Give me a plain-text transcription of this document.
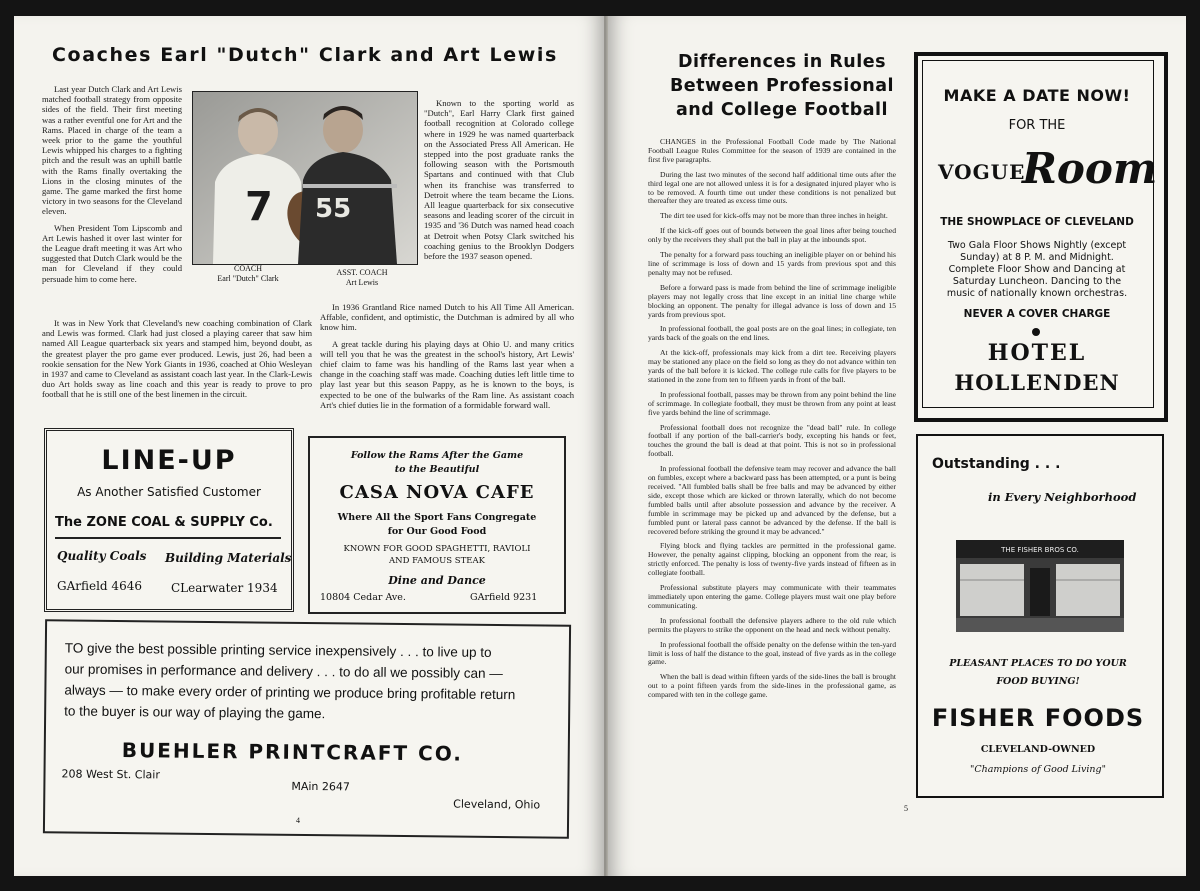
Coaches Earl "Dutch" Clark and Art Lewis

Last year Dutch Clark and Art Lewis matched football strategy from opposite sides of the field. Their first meeting was a rather eventful one for Art and the Rams. Placed in charge of the team a week prior to the game the youthful Lewis whipped his charges to a fighting pitch and the result was an uphill battle with the Rams finally overtaking the Lions in the closing minutes of the game. The game marked the first home victory in two seasons for the Cleveland eleven.

When President Tom Lipscomb and Art Lewis hashed it over last winter for the League draft meeting it was Art who suggested that Dutch Clark would be the man for Cleveland if they could persuade him to come here.

7 55
COACH
Earl "Dutch" Clark
ASST. COACH
Art Lewis

Known to the sporting world as "Dutch", Earl Harry Clark first gained football recognition at Colorado college where in 1929 he was named quarterback on the Associated Press All American. He stepped into the post graduate ranks the following season with the Portsmouth Spartans and continued with that Club when its franchise was transferred to Detroit where the team became the Lions. All league quarterback for six consecutive seasons and leading scorer of the circuit in 1935 and '36 Dutch was named head coach at Detroit when Potsy Clark switched his coaching genius to the Brooklyn Dodgers before the 1937 season opened.

It was in New York that Cleveland's new coaching combination of Clark and Lewis was formed. Clark had just closed a playing career that saw him named All League quarterback six years and stamped him, beyond doubt, as the greatest player the pro game ever produced. Lewis, just 26, had been a rookie sensation for the New York Giants in 1936, coached at Ohio Wesleyan in 1937 and came to Cleveland as assistant coach last year. In the Clark-Lewis duo Art holds sway as line coach and this year is ready to prove to pro football that he is still one of the best linemen in the circuit.

In 1936 Grantland Rice named Dutch to his All Time All American. Affable, confident, and optimistic, the Dutchman is admired by all who know him.

A great tackle during his playing days at Ohio U. and many critics will tell you that he was the greatest in the school's history, Art Lewis' chief claim to fame was his handling of the Rams last year when a change in the coaching staff was made. Coaching duties left little time to play last year but this season Pappy, as he is known to the boys, is expected to be one of the bulwarks of the Ram line. As assistant coach Art's chief duties lie in the formation of a formidable forward wall.

LINE-UP
As Another Satisfied Customer
The ZONE COAL & SUPPLY Co.
Quality Coals Building Materials
GArfield 4646 CLearwater 1934
Follow the Rams After the Game
to the Beautiful
CASA NOVA CAFE
Where All the Sport Fans Congregate
for Our Good Food
KNOWN FOR GOOD SPAGHETTI, RAVIOLI
AND FAMOUS STEAK
Dine and Dance
10804 Cedar Ave.	GArfield 9231
TO give the best possible printing service inexpensively . . . to live up to
our promises in performance and delivery . . . to do all we possibly can —
always — to make every order of printing we produce bring profitable return
to the buyer is our way of playing the game.
BUEHLER PRINTCRAFT CO.
208 West St. Clair
MAin 2647
Cleveland, Ohio
4
Differences in Rules
Between Professional
and College Football

CHANGES in the Professional Football Code made by The National Football League Rules Committee for the season of 1939 are contained in the first five paragraphs.

During the last two minutes of the second half additional time outs after the third legal one are not allowed unless it is for a designated injured player who is to be removed. A fourth time out under these conditions is not penalized but thereafter they are treated as excess time outs.

The dirt tee used for kick-offs may not be more than three inches in height.

If the kick-off goes out of bounds between the goal lines after being touched only by the receivers they shall put the ball in play at the inbounds spot.

The penalty for a forward pass touching an ineligible player on or behind his line of scrimmage is loss of down and 15 yards from previous spot and this penalty may not be refused.

Before a forward pass is made from behind the line of scrimmage ineligible players may not legally cross that line except in an initial line charge while blocking an opponent. The penalty for illegal advance is loss of down and 15 yards from previous spot.

In professional football, the goal posts are on the goal lines; in collegiate, ten yards back of the goals on the end lines.

At the kick-off, professionals may kick from a dirt tee. Receiving players may be stationed any place on the field so long as they do not advance within ten yards of the ball before it is kicked. The college rule calls for five players to be stationed in the zone from ten to fifteen yards in front of the ball.

In professional football, passes may be thrown from any point behind the line of scrimmage. In collegiate football, they must be thrown from any point at least five yards behind the line of scrimmage.

Professional football does not recognize the "dead ball" rule. In college football if any portion of the ball-carrier's body, excepting his hands or feet, touches the ground the ball is dead at that point. This is not so in professional football.

In professional football the defensive team may recover and advance the ball on fumbles, except where a backward pass has been attempted, or a punt is being received. "All fumbled balls shall be free balls and may be advanced by either side, except those which are kicked or thrown laterally, which do not become fumbled balls until after absolute possession and advance by the receiver. A fumble in scrimmage may be picked up and advanced by the defense, but a fumbled punt or lateral pass cannot be advanced by the defense. If the ball is recovered before striking the ground it may be advanced."

Flying block and flying tackles are permitted in the professional game. However, the penalty against clipping, blocking an opponent from the rear, is strictly enforced. The penalty is loss of twenty-five yards instead of fifteen as in collegiate football.

Professional substitute players may communicate with their teammates immediately upon entering the game. College players must wait one play before communicating.

In professional football the defensive players adhere to the old rule which permits the players to strike the opponent on the head and neck without penalty.

In professional football the offside penalty on the defense within the ten-yard limit is loss of half the distance to the goal, instead of five yards as in the college game.

When the ball is dead within fifteen yards of the side-lines the ball is brought out to a point fifteen yards from the side-lines in the professional game, as compared with ten in the college game.

MAKE A DATE NOW!
FOR THE
VOGUE
Room
THE SHOWPLACE OF CLEVELAND
Two Gala Floor Shows Nightly (except
Sunday) at 8 P. M. and Midnight.
Complete Floor Show and Dancing at
Saturday Luncheon. Dancing to the
music of nationally known orchestras.
NEVER A COVER CHARGE
HOTEL
HOLLENDEN
Outstanding . . .
in Every Neighborhood
THE FISHER BROS CO.
PLEASANT PLACES TO DO YOUR
FOOD BUYING!
FISHER FOODS
CLEVELAND-OWNED
"Champions of Good Living"
5
